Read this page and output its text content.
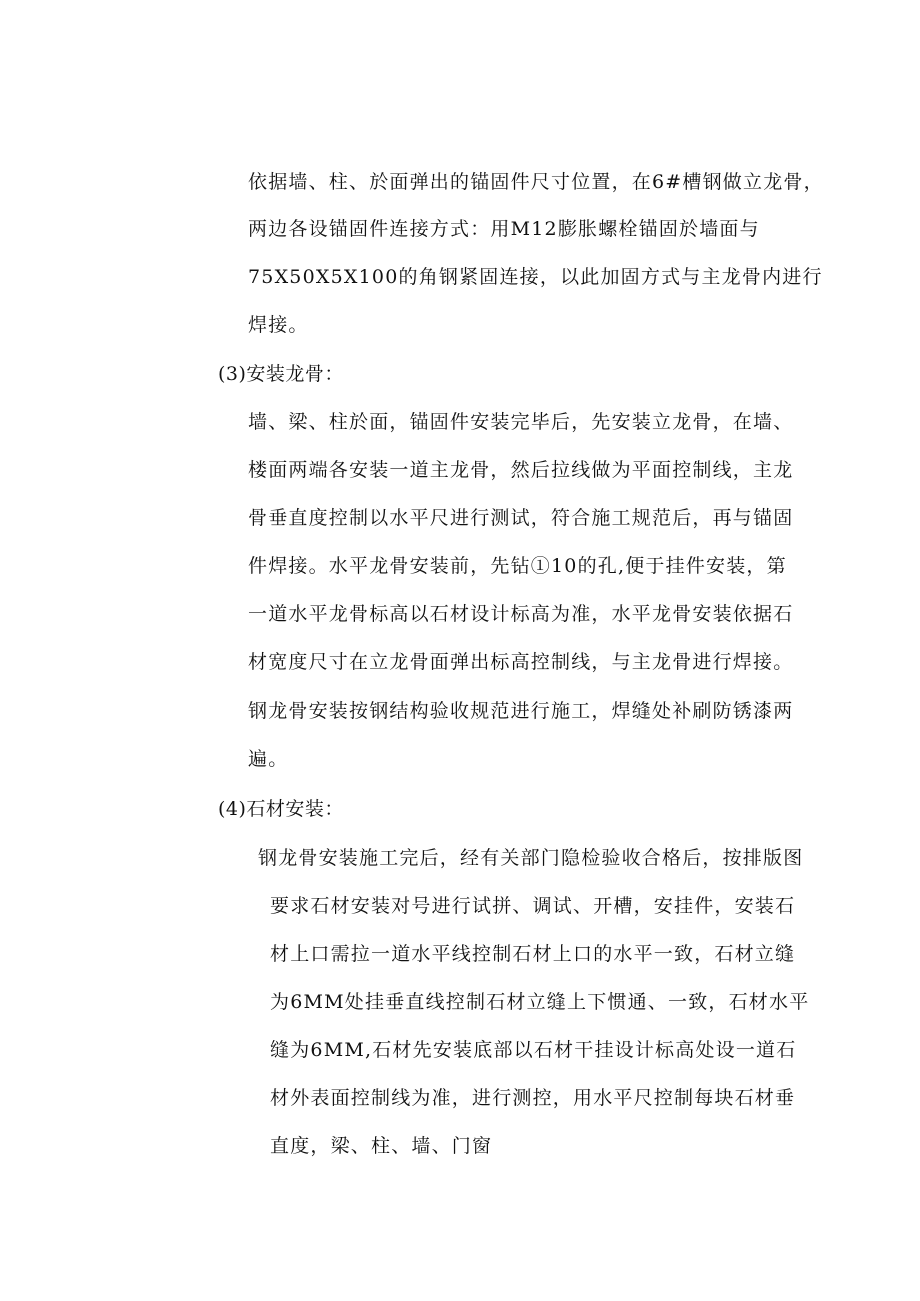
依据墙、柱、於面弹出的锚固件尺寸位置，在6#槽钢做立龙骨，
两边各设锚固件连接方式：用M12膨胀螺栓锚固於墙面与
75X50X5X100的角钢紧固连接，以此加固方式与主龙骨内进行
焊接。
(3)安装龙骨：
墙、梁、柱於面，锚固件安装完毕后，先安装立龙骨，在墙、
楼面两端各安装一道主龙骨，然后拉线做为平面控制线，主龙
骨垂直度控制以水平尺进行测试，符合施工规范后，再与锚固
件焊接。水平龙骨安装前，先钻①10的孔,便于挂件安装，第
一道水平龙骨标高以石材设计标高为准，水平龙骨安装依据石
材宽度尺寸在立龙骨面弹出标高控制线，与主龙骨进行焊接。
钢龙骨安装按钢结构验收规范进行施工，焊缝处补刷防锈漆两
遍。
(4)石材安装：
钢龙骨安装施工完后，经有关部门隐检验收合格后，按排版图
要求石材安装对号进行试拼、调试、开槽，安挂件，安装石
材上口需拉一道水平线控制石材上口的水平一致，石材立缝
为6MM处挂垂直线控制石材立缝上下惯通、一致，石材水平
缝为6MM,石材先安装底部以石材干挂设计标高处设一道石
材外表面控制线为准，进行测控，用水平尺控制每块石材垂
直度，梁、柱、墙、门窗
